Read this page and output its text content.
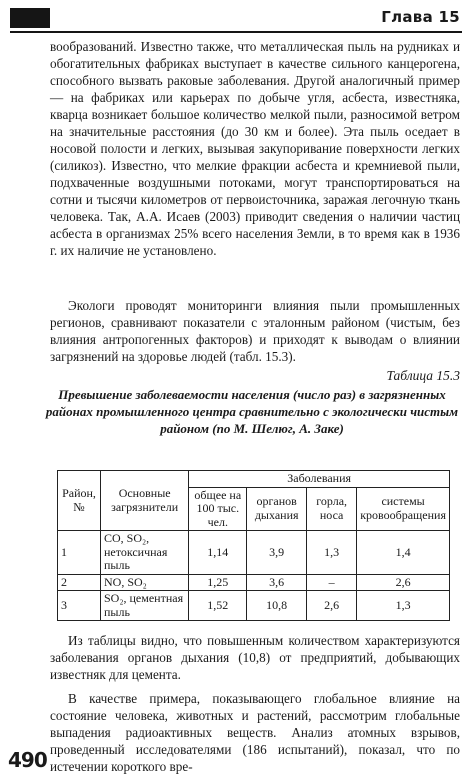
Глава 15

вообразований. Известно также, что металлическая пыль на рудниках и обогатительных фабриках выступает в качестве сильного канцерогена, способного вызвать раковые заболевания. Другой аналогичный пример — на фабриках или карьерах по добыче угля, асбеста, известняка, кварца возникает большое количество мелкой пыли, разносимой ветром на значительные расстояния (до 30 км и более). Эта пыль оседает в носовой полости и легких, вызывая закупоривание поверхности легких (силикоз). Известно, что мелкие фракции асбеста и кремниевой пыли, подхваченные воздушными потоками, могут транспортироваться на сотни и тысячи километров от первоисточника, заражая легочную ткань человека. Так, А.А. Исаев (2003) приводит сведения о наличии частиц асбеста в организмах 25% всего населения Земли, в то время как в 1936 г. их наличие не установлено.

Экологи проводят мониторинги влияния пыли промышленных регионов, сравнивают показатели с эталонным районом (чистым, без влияния антропогенных факторов) и приходят к выводам о влиянии загрязнений на здоровье людей (табл. 15.3).

Таблица 15.3
Превышение заболеваемости населения (число раз) в загрязненных районах промышленного центра сравнительно с экологически чистым районом (по М. Шелюг, А. Заке)
Район, №	Основные загрязнители	Заболевания			
		общее на 100 тыс. чел.	органов дыхания	горла, носа	системы кровообращения
1	CO, SO₂, нетоксичная пыль	1,14	3,9	1,3	1,4
2	NO, SO₂	1,25	3,6	–	2,6
3	SO₂, цементная пыль	1,52	10,8	2,6	1,3

Из таблицы видно, что повышенным количеством характеризуются заболевания органов дыхания (10,8) от предприятий, добывающих известняк для цемента.

В качестве примера, показывающего глобальное влияние на состояние человека, животных и растений, рассмотрим глобальные выпадения радиоактивных веществ. Анализ атомных взрывов, проведенный исследователями (186 испытаний), показал, что по истечении короткого вре-

490
